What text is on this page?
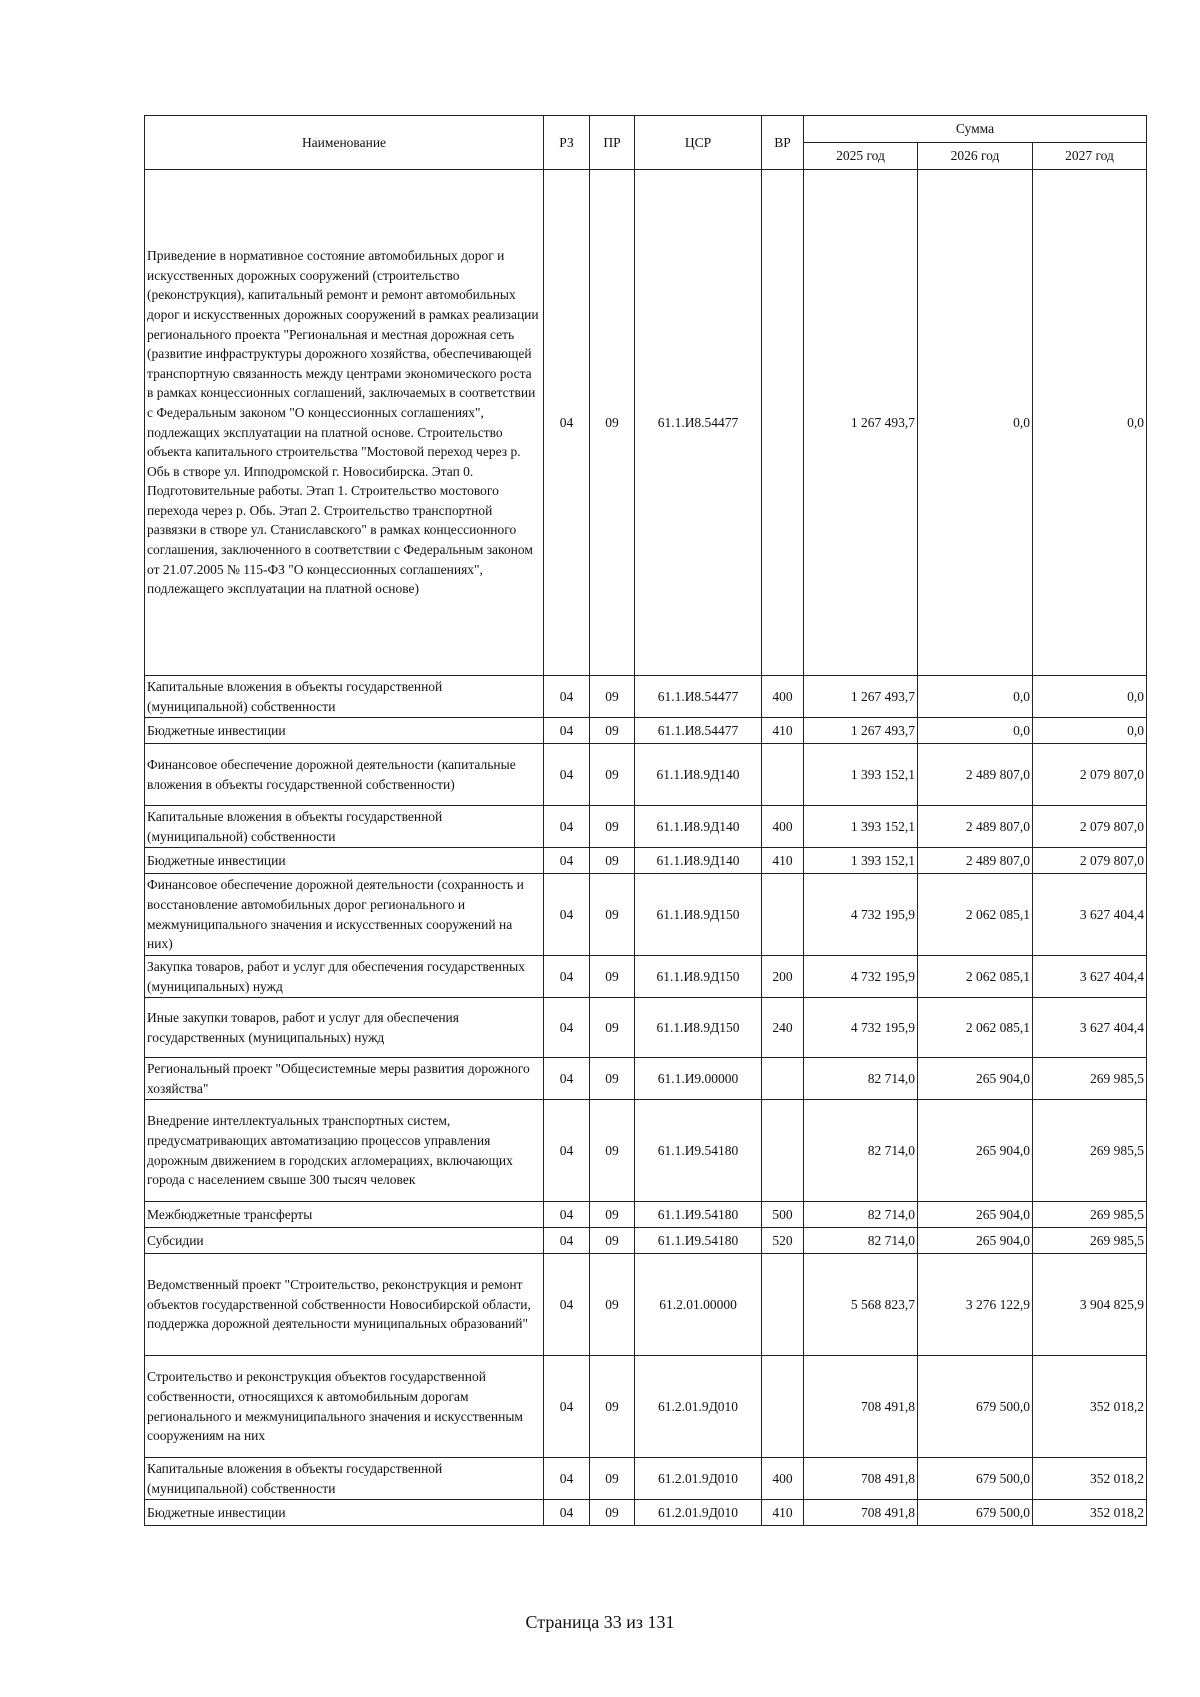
Наименование	РЗ	ПР	ЦСР	ВР	Сумма		
					2025 год	2026 год	2027 год
Приведение в нормативное состояние автомобильных дорог и искусственных дорожных сооружений (строительство (реконструкция), капитальный ремонт и ремонт автомобильных дорог и искусственных дорожных сооружений в рамках реализации регионального проекта "Региональная и местная дорожная сеть (развитие инфраструктуры дорожного хозяйства, обеспечивающей транспортную связанность между центрами экономического роста в рамках концессионных соглашений, заключаемых в соответствии с Федеральным законом "О концессионных соглашениях", подлежащих эксплуатации на платной основе. Строительство объекта капитального строительства "Мостовой переход через р. Обь в створе ул. Ипподромской г. Новосибирска. Этап 0. Подготовительные работы. Этап 1. Строительство мостового перехода через р. Обь. Этап 2. Строительство транспортной развязки в створе ул. Станиславского" в рамках концессионного соглашения, заключенного в соответствии с Федеральным законом от 21.07.2005 № 115-ФЗ "О концессионных соглашениях", подлежащего эксплуатации на платной основе)	04	09	61.1.И8.54477		1 267 493,7	0,0	0,0
Капитальные вложения в объекты государственной (муниципальной) собственности	04	09	61.1.И8.54477	400	1 267 493,7	0,0	0,0
Бюджетные инвестиции	04	09	61.1.И8.54477	410	1 267 493,7	0,0	0,0
Финансовое обеспечение дорожной деятельности (капитальные вложения в объекты государственной собственности)	04	09	61.1.И8.9Д140		1 393 152,1	2 489 807,0	2 079 807,0
Капитальные вложения в объекты государственной (муниципальной) собственности	04	09	61.1.И8.9Д140	400	1 393 152,1	2 489 807,0	2 079 807,0
Бюджетные инвестиции	04	09	61.1.И8.9Д140	410	1 393 152,1	2 489 807,0	2 079 807,0
Финансовое обеспечение дорожной деятельности (сохранность и восстановление автомобильных дорог регионального и межмуниципального значения и искусственных сооружений на них)	04	09	61.1.И8.9Д150		4 732 195,9	2 062 085,1	3 627 404,4
Закупка товаров, работ и услуг для обеспечения государственных (муниципальных) нужд	04	09	61.1.И8.9Д150	200	4 732 195,9	2 062 085,1	3 627 404,4
Иные закупки товаров, работ и услуг для обеспечения государственных (муниципальных) нужд	04	09	61.1.И8.9Д150	240	4 732 195,9	2 062 085,1	3 627 404,4
Региональный проект "Общесистемные меры развития дорожного хозяйства"	04	09	61.1.И9.00000		82 714,0	265 904,0	269 985,5
Внедрение интеллектуальных транспортных систем, предусматривающих автоматизацию процессов управления дорожным движением в городских агломерациях, включающих города с населением свыше 300 тысяч человек	04	09	61.1.И9.54180		82 714,0	265 904,0	269 985,5
Межбюджетные трансферты	04	09	61.1.И9.54180	500	82 714,0	265 904,0	269 985,5
Субсидии	04	09	61.1.И9.54180	520	82 714,0	265 904,0	269 985,5
Ведомственный проект "Строительство, реконструкция и ремонт объектов государственной собственности Новосибирской области, поддержка дорожной деятельности муниципальных образований"	04	09	61.2.01.00000		5 568 823,7	3 276 122,9	3 904 825,9
Строительство и реконструкция объектов государственной собственности, относящихся к автомобильным дорогам регионального и межмуниципального значения и искусственным сооружениям на них	04	09	61.2.01.9Д010		708 491,8	679 500,0	352 018,2
Капитальные вложения в объекты государственной (муниципальной) собственности	04	09	61.2.01.9Д010	400	708 491,8	679 500,0	352 018,2
Бюджетные инвестиции	04	09	61.2.01.9Д010	410	708 491,8	679 500,0	352 018,2
Страница 33 из 131
